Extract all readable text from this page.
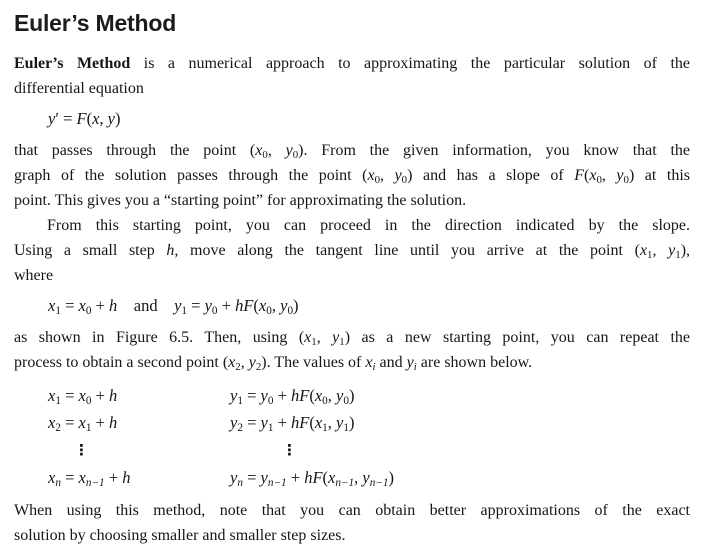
Euler’s Method
Euler’s Method is a numerical approach to approximating the particular solution of the
differential equation
y′ = F(x, y)
that passes through the point ($x_0$, $y_0$). From the given information, you know that the
graph of the solution passes through the point ($x_0$, $y_0$) and has a slope of $F(x_0$, $y_0$) at this
point. This gives you a “starting point” for approximating the solution.
From this starting point, you can proceed in the direction indicated by the slope.
Using a small step h, move along the tangent line until you arrive at the point ($x_1$, $y_1$),
where
$x_1 = x_0 + h$  and  $y_1 = y_0 + hF(x_0$, $y_0$)
as shown in Figure 6.5. Then, using ($x_1$, $y_1$) as a new starting point, you can repeat the
process to obtain a second point ($x_2$, $y_2$). The values of $x_i$ and $y_i$ are shown below.
$x_1 = x_0 + h$	$y_1 = y_0 + hF(x_0$, $y_0$)
$x_2 = x_1 + h$	$y_2 = y_1 + hF(x_1$, $y_1$)
⋮	⋮
$x_n = x_{n-1} + h$	$y_n = y_{n-1} + hF(x_{n-1}$, $y_{n-1}$)
When using this method, note that you can obtain better approximations of the exact
solution by choosing smaller and smaller step sizes.
